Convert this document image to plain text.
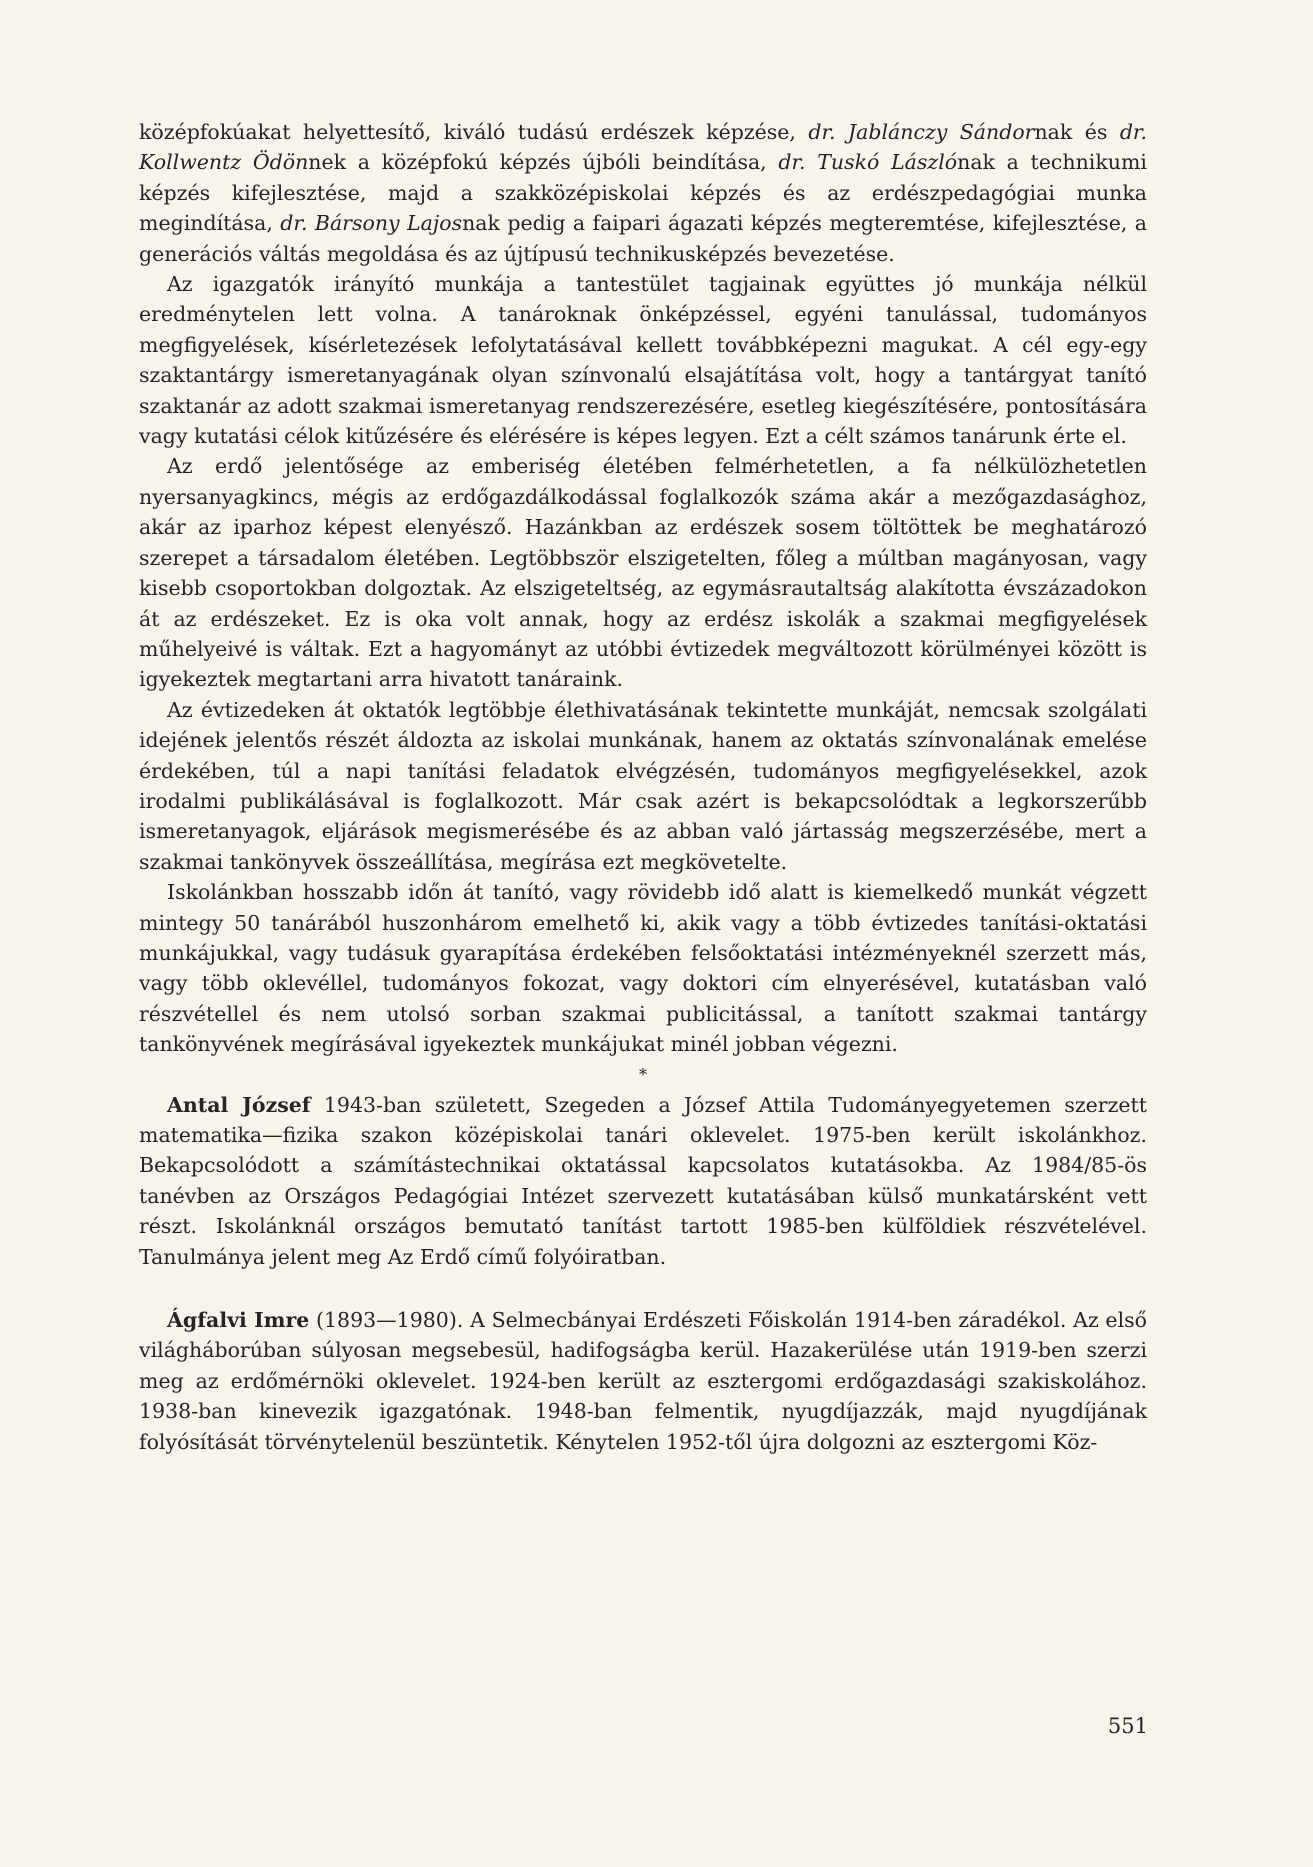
középfokúakat helyettesítő, kiváló tudású erdészek képzése, dr. Jablánczy Sándornak és dr. Kollwentz Ödönnek a középfokú képzés újbóli beindítása, dr. Tuskó Lászlónak a technikumi képzés kifejlesztése, majd a szakközépiskolai képzés és az erdészpedagógiai munka megindítása, dr. Bársony Lajosnak pedig a faipari ágazati képzés megteremtése, kifejlesztése, a generációs váltás megoldása és az újtípusú technikusképzés bevezetése.

Az igazgatók irányító munkája a tantestület tagjainak együttes jó munkája nélkül eredménytelen lett volna. A tanároknak önképzéssel, egyéni tanulással, tudományos megfigyelések, kísérletezések lefolytatásával kellett továbbképezni magukat. A cél egy-egy szaktantárgy ismeretanyagának olyan színvonalú elsajátítása volt, hogy a tantárgyat tanító szaktanár az adott szakmai ismeretanyag rendszerezésére, esetleg kiegészítésére, pontosítására vagy kutatási célok kitűzésére és elérésére is képes legyen. Ezt a célt számos tanárunk érte el.

Az erdő jelentősége az emberiség életében felmérhetetlen, a fa nélkülözhetetlen nyersanyagkincs, mégis az erdőgazdálkodással foglalkozók száma akár a mezőgazdasághoz, akár az iparhoz képest elenyésző. Hazánkban az erdészek sosem töltöttek be meghatározó szerepet a társadalom életében. Legtöbbször elszigetelten, főleg a múltban magányosan, vagy kisebb csoportokban dolgoztak. Az elszigeteltség, az egymásrautaltság alakította évszázadokon át az erdészeket. Ez is oka volt annak, hogy az erdész iskolák a szakmai megfigyelések műhelyeivé is váltak. Ezt a hagyományt az utóbbi évtizedek megváltozott körülményei között is igyekeztek megtartani arra hivatott tanáraink.

Az évtizedeken át oktatók legtöbbje élethivatásának tekintette munkáját, nemcsak szolgálati idejének jelentős részét áldozta az iskolai munkának, hanem az oktatás színvonalának emelése érdekében, túl a napi tanítási feladatok elvégzésén, tudományos megfigyelésekkel, azok irodalmi publikálásával is foglalkozott. Már csak azért is bekapcsolódtak a legkorszerűbb ismeretanyagok, eljárások megismerésébe és az abban való jártasság megszerzésébe, mert a szakmai tankönyvek összeállítása, megírása ezt megkövetelte.

Iskolánkban hosszabb időn át tanító, vagy rövidebb idő alatt is kiemelkedő munkát végzett mintegy 50 tanárából huszonhárom emelhető ki, akik vagy a több évtizedes tanítási-oktatási munkájukkal, vagy tudásuk gyarapítása érdekében felsőoktatási intézményeknél szerzett más, vagy több oklevéllel, tudományos fokozat, vagy doktori cím elnyerésével, kutatásban való részvétellel és nem utolsó sorban szakmai publicitással, a tanított szakmai tantárgy tankönyvének megírásával igyekeztek munkájukat minél jobban végezni.

*

Antal József 1943-ban született, Szegeden a József Attila Tudományegyetemen szerzett matematika—fizika szakon középiskolai tanári oklevelet. 1975-ben került iskolánkhoz. Bekapcsolódott a számítástechnikai oktatással kapcsolatos kutatásokba. Az 1984/85-ös tanévben az Országos Pedagógiai Intézet szervezett kutatásában külső munkatársként vett részt. Iskolánknál országos bemutató tanítást tartott 1985-ben külföldiek részvételével. Tanulmánya jelent meg Az Erdő című folyóiratban.

Ágfalvi Imre (1893—1980). A Selmecbányai Erdészeti Főiskolán 1914-ben záradékol. Az első világháborúban súlyosan megsebesül, hadifogságba kerül. Hazakerülése után 1919-ben szerzi meg az erdőmérnöki oklevelet. 1924-ben került az esztergomi erdőgazdasági szakiskolához. 1938-ban kinevezik igazgatónak. 1948-ban felmentik, nyugdíjazzák, majd nyugdíjának folyósítását törvénytelenül beszüntetik. Kénytelen 1952-től újra dolgozni az esztergomi Köz-

551
